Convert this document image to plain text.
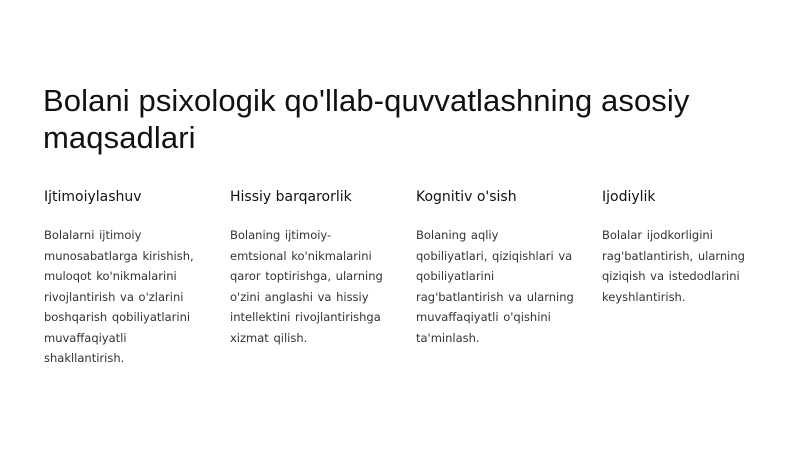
Bolani psixologik qo'llab-quvvatlashning asosiy maqsadlari
Ijtimoiylashuv

Bolalarni ijtimoiy munosabatlarga kirishish, muloqot ko'nikmalarini rivojlantirish va o'zlarini boshqarish qobiliyatlarini muvaffaqiyatli shakllantirish.

Hissiy barqarorlik

Bolaning ijtimoiy-emtsional ko'nikmalarini qaror toptirishga, ularning o'zini anglashi va hissiy intellektini rivojlantirishga xizmat qilish.

Kognitiv o'sish

Bolaning aqliy qobiliyatlari, qiziqishlari va qobiliyatlarini rag'batlantirish va ularning muvaffaqiyatli o'qishini ta'minlash.

Ijodiylik

Bolalar ijodkorligini rag'batlantirish, ularning qiziqish va istedodlarini keyshlantirish.
